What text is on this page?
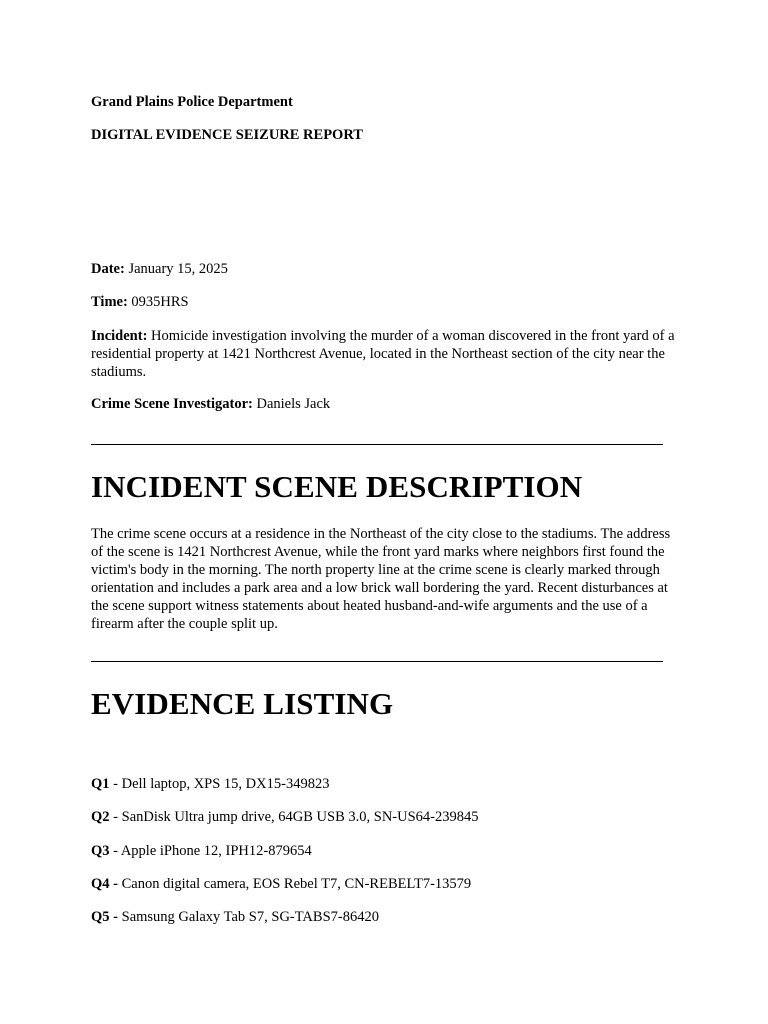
Grand Plains Police Department
DIGITAL EVIDENCE SEIZURE REPORT
Date: January 15, 2025
Time: 0935HRS
Incident: Homicide investigation involving the murder of a woman discovered in the front yard of a residential property at 1421 Northcrest Avenue, located in the Northeast section of the city near the stadiums.
Crime Scene Investigator: Daniels Jack
INCIDENT SCENE DESCRIPTION
The crime scene occurs at a residence in the Northeast of the city close to the stadiums. The address of the scene is 1421 Northcrest Avenue, while the front yard marks where neighbors first found the victim's body in the morning. The north property line at the crime scene is clearly marked through orientation and includes a park area and a low brick wall bordering the yard. Recent disturbances at the scene support witness statements about heated husband-and-wife arguments and the use of a firearm after the couple split up.
EVIDENCE LISTING
Q1 - Dell laptop, XPS 15, DX15-349823
Q2 - SanDisk Ultra jump drive, 64GB USB 3.0, SN-US64-239845
Q3 - Apple iPhone 12, IPH12-879654
Q4 - Canon digital camera, EOS Rebel T7, CN-REBELT7-13579
Q5 - Samsung Galaxy Tab S7, SG-TABS7-86420
